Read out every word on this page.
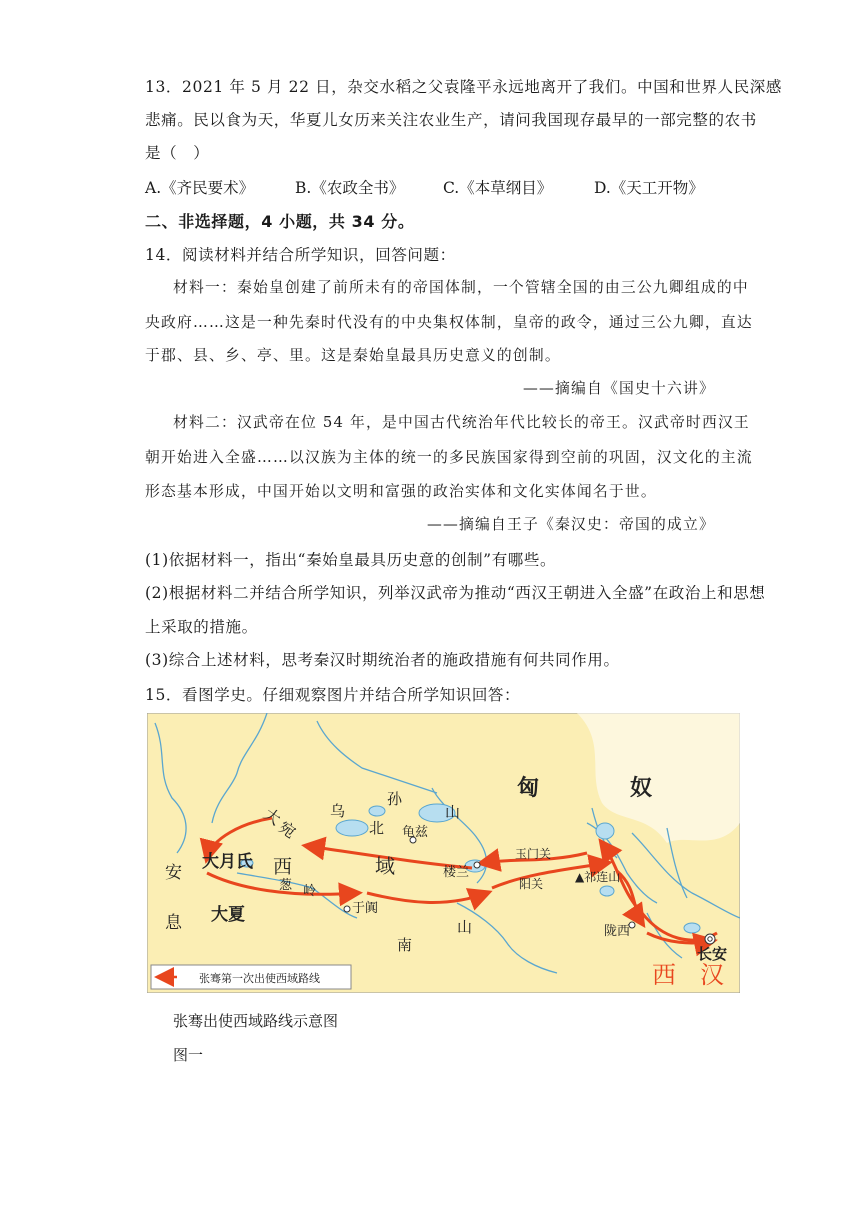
13．2021 年 5 月 22 日，杂交水稻之父袁隆平永远地离开了我们。中国和世界人民深感
悲痛。民以食为天，华夏儿女历来关注农业生产，请问我国现存最早的一部完整的农书
是（　）
A.《齐民要术》	B.《农政全书》 C.《本草纲目》	D.《天工开物》
二、非选择题，4 小题，共 34 分。
14．阅读材料并结合所学知识，回答问题：
材料一：秦始皇创建了前所未有的帝国体制，一个管辖全国的由三公九卿组成的中
央政府……这是一种先秦时代没有的中央集权体制，皇帝的政令，通过三公九卿，直达
于郡、县、乡、亭、里。这是秦始皇最具历史意义的创制。
——摘编自《国史十六讲》
材料二：汉武帝在位 54 年，是中国古代统治年代比较长的帝王。汉武帝时西汉王
朝开始进入全盛……以汉族为主体的统一的多民族国家得到空前的巩固，汉文化的主流
形态基本形成，中国开始以文明和富强的政治实体和文化实体闻名于世。
——摘编自王子《秦汉史：帝国的成立》
(1)依据材料一，指出“秦始皇最具历史意的创制”有哪些。
(2)根据材料二并结合所学知识，列举汉武帝为推动“西汉王朝进入全盛”在政治上和思想
上采取的措施。
(3)综合上述材料，思考秦汉时期统治者的施政措施有何共同作用。
15．看图学史。仔细观察图片并结合所学知识回答：
匈	奴
乌
孙
山
北 龟兹
大
宛
安
息
大月氏 西	域
葱 岭
大夏	于阗
楼兰
玉门关
阳关	▲祁连山
陇西
长安
南
山
西　汉
张骞第一次出使西域路线
张骞出使西域路线示意图
图一
